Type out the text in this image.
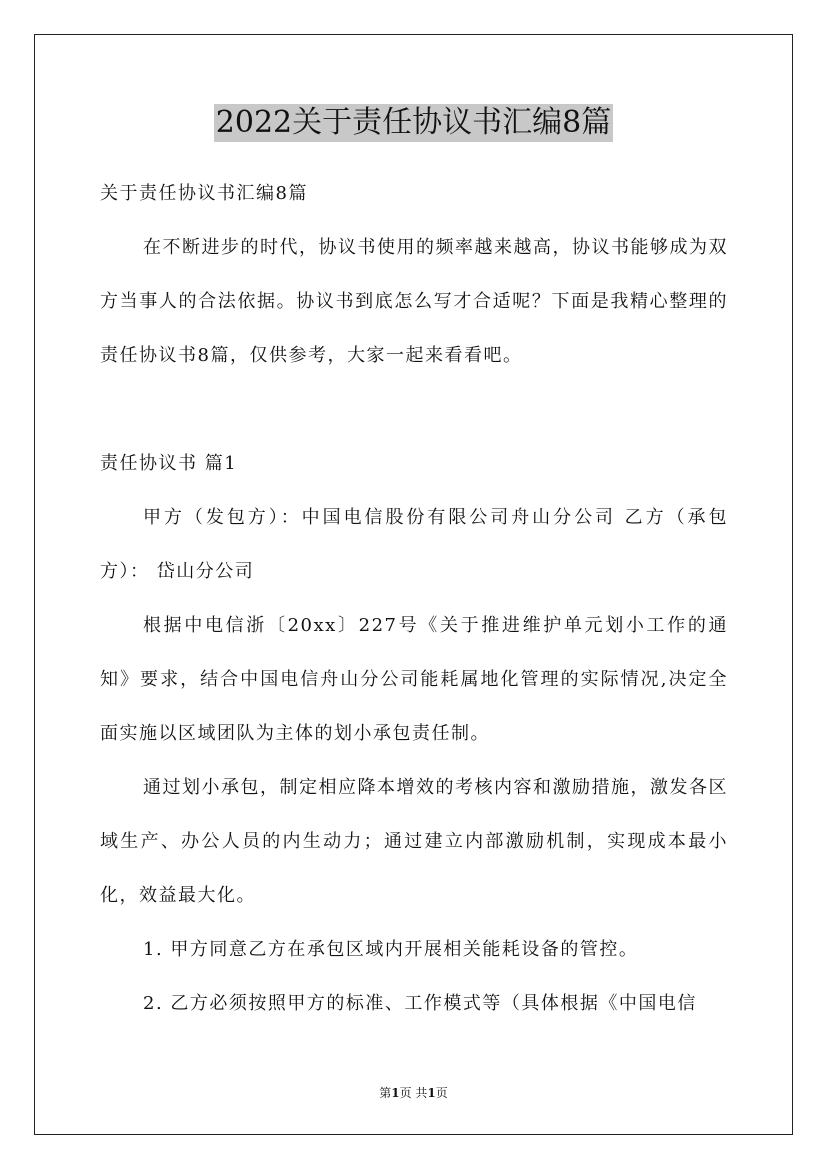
2022关于责任协议书汇编8篇

关于责任协议书汇编8篇

在不断进步的时代，协议书使用的频率越来越高，协议书能够成为双方当事人的合法依据。协议书到底怎么写才合适呢？下面是我精心整理的责任协议书8篇，仅供参考，大家一起来看看吧。

责任协议书 篇1

甲方（发包方）：中国电信股份有限公司舟山分公司 乙方（承包方）： 岱山分公司

根据中电信浙〔20xx〕227号《关于推进维护单元划小工作的通知》要求，结合中国电信舟山分公司能耗属地化管理的实际情况,决定全面实施以区域团队为主体的划小承包责任制。

通过划小承包，制定相应降本增效的考核内容和激励措施，激发各区域生产、办公人员的内生动力；通过建立内部激励机制，实现成本最小化，效益最大化。

1. 甲方同意乙方在承包区域内开展相关能耗设备的管控。

2. 乙方必须按照甲方的标准、工作模式等（具体根据《中国电信

第1页 共1页
